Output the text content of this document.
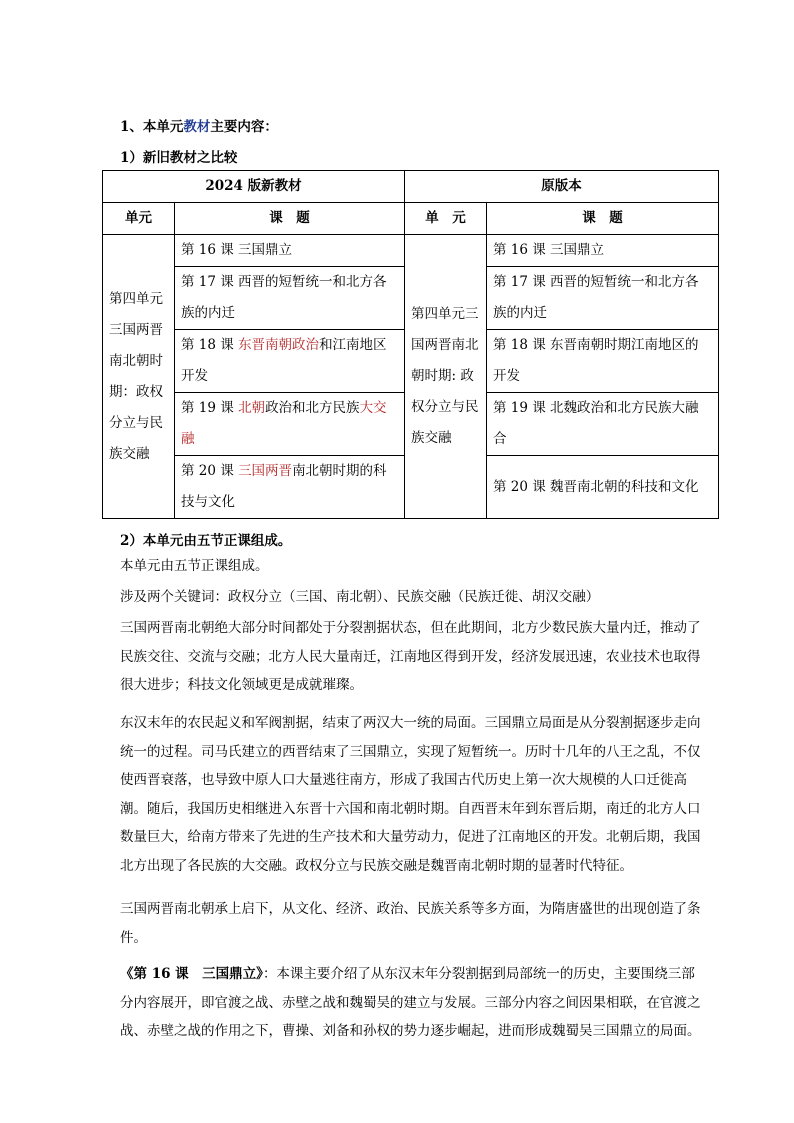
1、本单元教材主要内容：
1）新旧教材之比较
2024 版新教材		原版本	
单元	课　题	单　元	课　题
第四单元三国两晋南北朝时期：政权分立与民族交融	第 16 课 三国鼎立	第四单元三国两晋南北朝时期: 政权分立与民族交融	第 16 课 三国鼎立
	第 17 课 西晋的短暂统一和北方各族的内迁		第 17 课 西晋的短暂统一和北方各族的内迁
	第 18 课 东晋南朝政治和江南地区开发		第 18 课 东晋南朝时期江南地区的开发
	第 19 课 北朝政治和北方民族大交融		第 19 课 北魏政治和北方民族大融合
	第 20 课 三国两晋南北朝时期的科技与文化		第 20 课 魏晋南北朝的科技和文化
2）本单元由五节正课组成。

本单元由五节正课组成。

涉及两个关键词：政权分立（三国、南北朝）、民族交融（民族迁徙、胡汉交融）

三国两晋南北朝绝大部分时间都处于分裂割据状态，但在此期间，北方少数民族大量内迁，推动了民族交往、交流与交融；北方人民大量南迁，江南地区得到开发，经济发展迅速，农业技术也取得很大进步；科技文化领域更是成就璀璨。

东汉末年的农民起义和军阀割据，结束了两汉大一统的局面。三国鼎立局面是从分裂割据逐步走向统一的过程。司马氏建立的西晋结束了三国鼎立，实现了短暂统一。历时十几年的八王之乱，不仅使西晋衰落，也导致中原人口大量逃往南方，形成了我国古代历史上第一次大规模的人口迁徙高潮。随后，我国历史相继进入东晋十六国和南北朝时期。自西晋末年到东晋后期，南迁的北方人口数量巨大，给南方带来了先进的生产技术和大量劳动力，促进了江南地区的开发。北朝后期，我国北方出现了各民族的大交融。政权分立与民族交融是魏晋南北朝时期的显著时代特征。

三国两晋南北朝承上启下，从文化、经济、政治、民族关系等多方面，为隋唐盛世的出现创造了条件。

《第 16 课　三国鼎立》：本课主要介绍了从东汉末年分裂割据到局部统一的历史，主要围绕三部分内容展开，即官渡之战、赤壁之战和魏蜀吴的建立与发展。三部分内容之间因果相联，在官渡之战、赤壁之战的作用之下，曹操、刘备和孙权的势力逐步崛起，进而形成魏蜀吴三国鼎立的局面。
